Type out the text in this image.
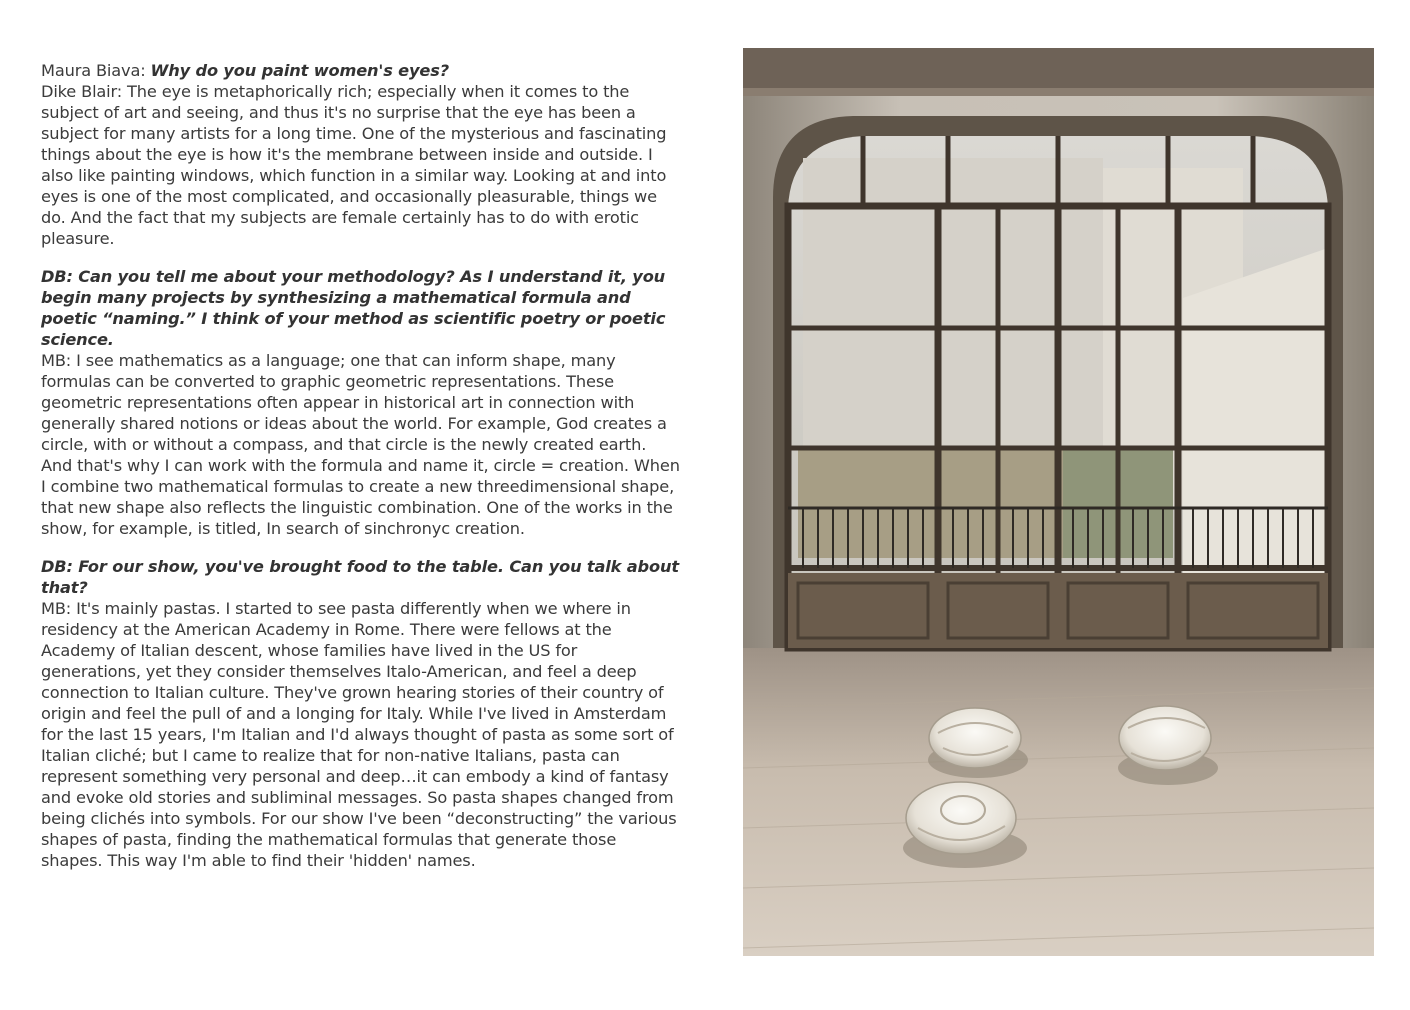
Maura Biava: Why do you paint women's eyes?

Dike Blair: The eye is metaphorically rich; especially when it comes to the subject of art and seeing, and thus it's no surprise that the eye has been a subject for many artists for a long time. One of the mysterious and fascinating things about the eye is how it's the membrane between inside and outside. I also like painting windows, which function in a similar way. Looking at and into eyes is one of the most complicated, and occasionally pleasurable, things we do. And the fact that my subjects are female certainly has to do with erotic pleasure.

DB: Can you tell me about your methodology? As I understand it, you begin many projects by synthesizing a mathematical formula and poetic “naming.” I think of your method as scientific poetry or poetic science.

MB: I see mathematics as a language; one that can inform shape, many formulas can be converted to graphic geometric representations. These geometric representations often appear in historical art in connection with generally shared notions or ideas about the world. For example, God creates a circle, with or without a compass, and that circle is the newly created earth. And that's why I can work with the formula and name it, circle = creation. When I combine two mathematical formulas to create a new threedimensional shape, that new shape also reflects the linguistic combination. One of the works in the show, for example, is titled, In search of sinchronyc creation.

DB: For our show, you've brought food to the table. Can you talk about that?

MB: It's mainly pastas. I started to see pasta differently when we where in residency at the American Academy in Rome. There were fellows at the Academy of Italian descent, whose families have lived in the US for generations, yet they consider themselves Italo-American, and feel a deep connection to Italian culture. They've grown hearing stories of their country of origin and feel the pull of and a longing for Italy. While I've lived in Amsterdam for the last 15 years, I'm Italian and I'd always thought of pasta as some sort of Italian cliché; but I came to realize that for non-native Italians, pasta can represent something very personal and deep…it can embody a kind of fantasy and evoke old stories and subliminal messages. So pasta shapes changed from being clichés into symbols. For our show I've been “deconstructing” the various shapes of pasta, finding the mathematical formulas that generate those shapes. This way I'm able to find their 'hidden' names.
